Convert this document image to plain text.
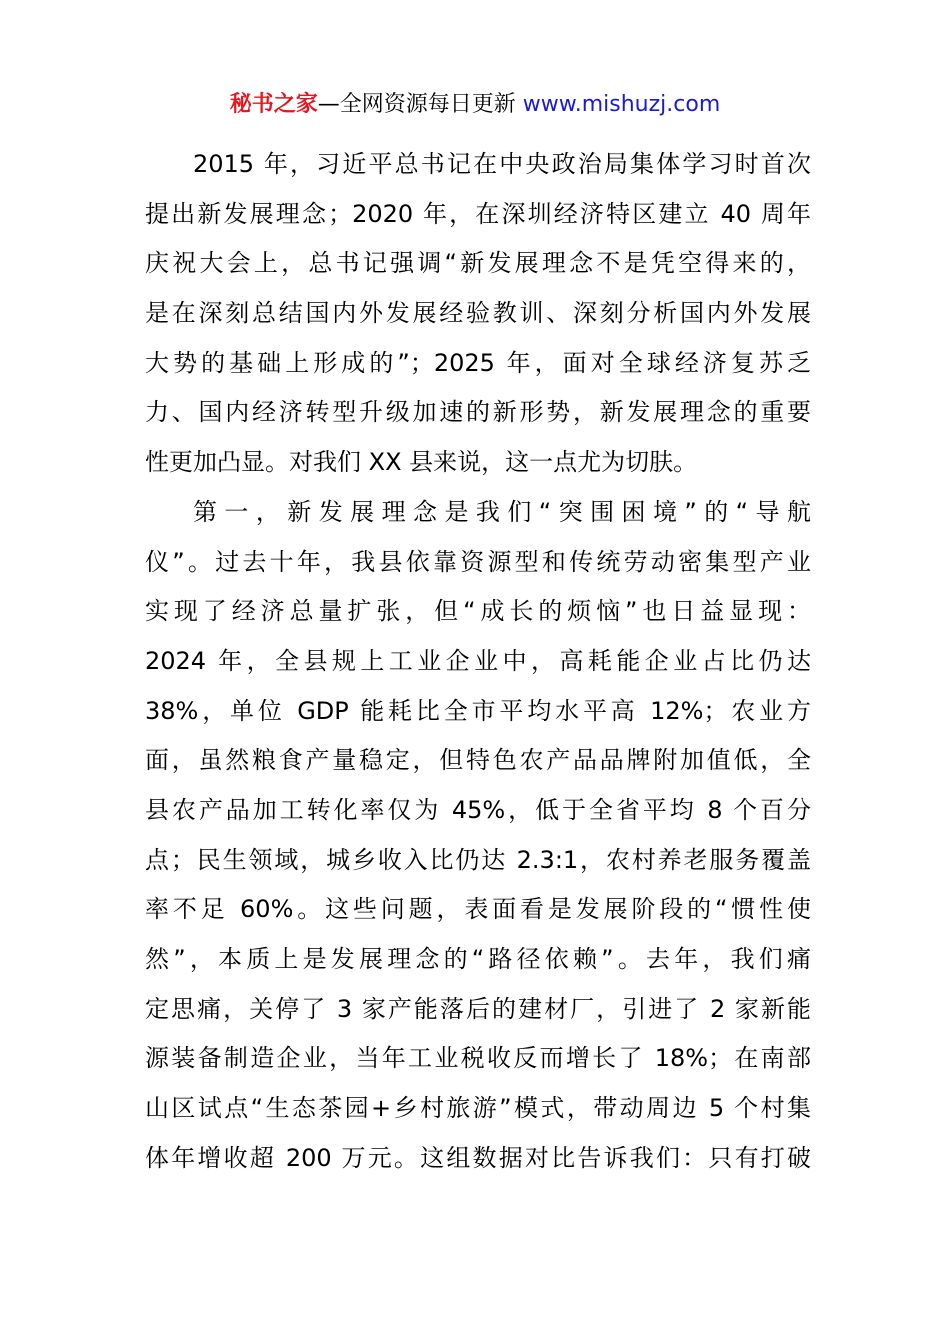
秘书之家—全网资源每日更新 www.mishuzj.com
2015 年，习近平总书记在中央政治局集体学习时首次
提出新发展理念；2020 年，在深圳经济特区建立 40 周年
庆祝大会上，总书记强调“新发展理念不是凭空得来的，
是在深刻总结国内外发展经验教训、深刻分析国内外发展
大势的基础上形成的”；2025 年，面对全球经济复苏乏
力、国内经济转型升级加速的新形势，新发展理念的重要
性更加凸显。对我们 XX 县来说，这一点尤为切肤。
第一，新发展理念是我们“突围困境”的“导航
仪”。过去十年，我县依靠资源型和传统劳动密集型产业
实现了经济总量扩张，但“成长的烦恼”也日益显现：
2024 年，全县规上工业企业中，高耗能企业占比仍达
38%，单位 GDP 能耗比全市平均水平高 12%；农业方
面，虽然粮食产量稳定，但特色农产品品牌附加值低，全
县农产品加工转化率仅为 45%，低于全省平均 8 个百分
点；民生领域，城乡收入比仍达 2.3:1，农村养老服务覆盖
率不足 60%。这些问题，表面看是发展阶段的“惯性使
然”，本质上是发展理念的“路径依赖”。去年，我们痛
定思痛，关停了 3 家产能落后的建材厂，引进了 2 家新能
源装备制造企业，当年工业税收反而增长了 18%；在南部
山区试点“生态茶园+乡村旅游”模式，带动周边 5 个村集
体年增收超 200 万元。这组数据对比告诉我们：只有打破
